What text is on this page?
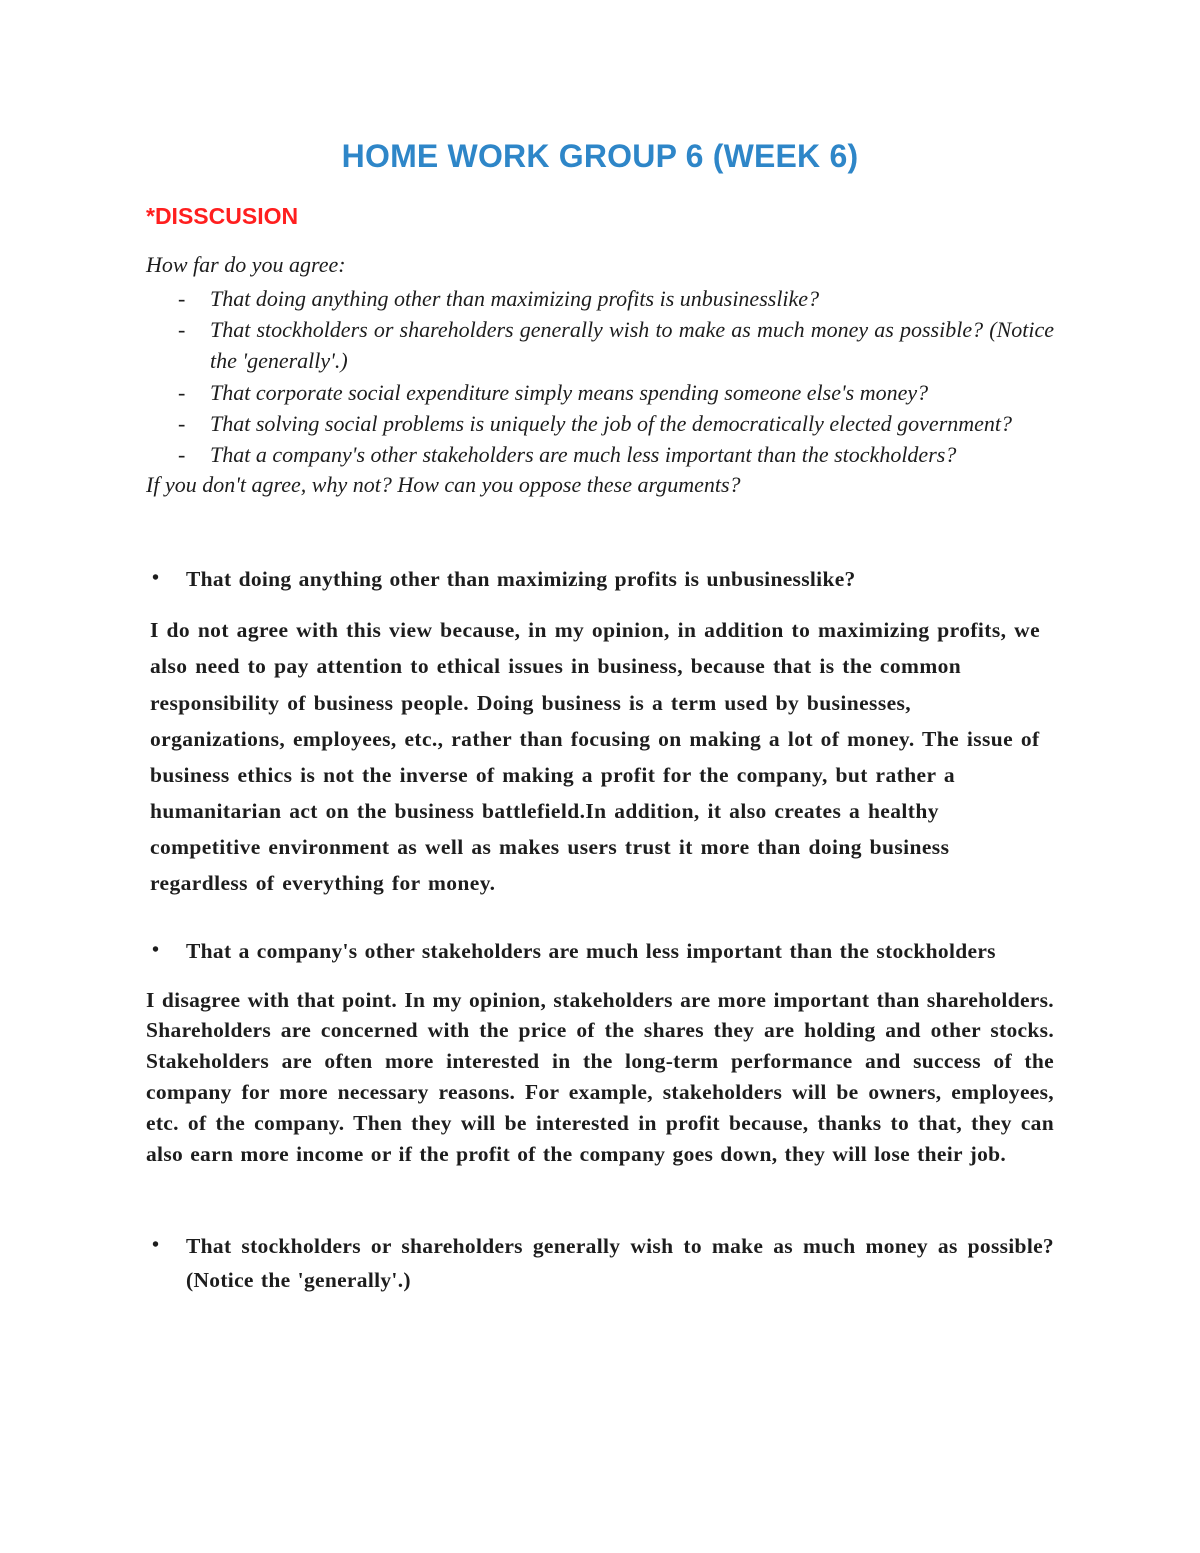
HOME WORK GROUP 6 (WEEK 6)
*DISSCUSION
How far do you agree:
-	That doing anything other than maximizing profits is unbusinesslike?
-	That stockholders or shareholders generally wish to make as much money as possible? (Notice the 'generally'.)
-	That corporate social expenditure simply means spending someone else's money?
-	That solving social problems is uniquely the job of the democratically elected government?
-	That a company's other stakeholders are much less important than the stockholders?
If you don't agree, why not? How can you oppose these arguments?
•	That doing anything other than maximizing profits is unbusinesslike?
I do not agree with this view because, in my opinion, in addition to maximizing profits, we also need to pay attention to ethical issues in business, because that is the common responsibility of business people. Doing business is a term used by businesses, organizations, employees, etc., rather than focusing on making a lot of money. The issue of business ethics is not the inverse of making a profit for the company, but rather a humanitarian act on the business battlefield.In addition, it also creates a healthy competitive environment as well as makes users trust it more than doing business regardless of everything for money.
•	That a company's other stakeholders are much less important than the stockholders
I disagree with that point. In my opinion, stakeholders are more important than shareholders. Shareholders are concerned with the price of the shares they are holding and other stocks. Stakeholders are often more interested in the long-term performance and success of the company for more necessary reasons. For example, stakeholders will be owners, employees, etc. of the company. Then they will be interested in profit because, thanks to that, they can also earn more income or if the profit of the company goes down, they will lose their job.
•	That stockholders or shareholders generally wish to make as much money as possible? (Notice the 'generally'.)
